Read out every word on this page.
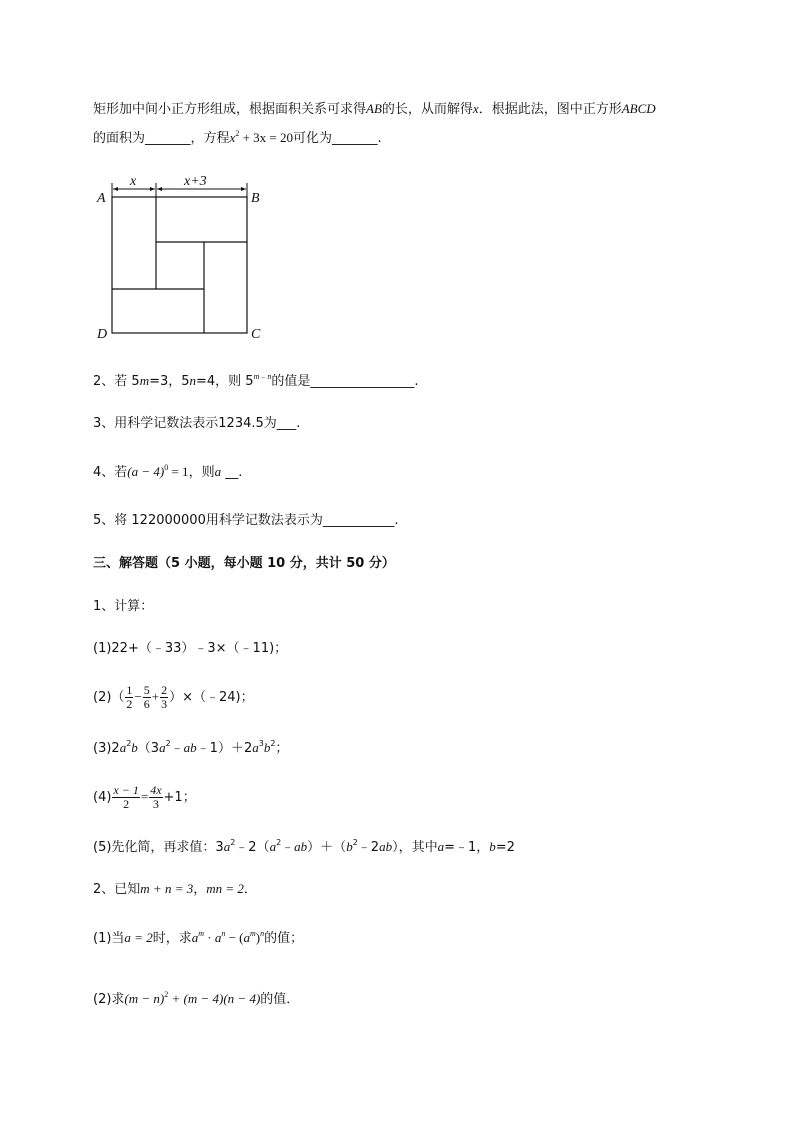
矩形加中间小正方形组成，根据面积关系可求得AB的长，从而解得x．根据此法，图中正方形ABCD
的面积为_______，方程$x^2 + 3x = 20$可化为_______.
x	x+3
A	B
C
D
2、若 5m=3，5n=4，则 $5^{m﹣n}$的值是________________.
3、用科学记数法表示1234.5为___.
4、若$(a - 4)^0 = 1$，则a __.
5、将 122000000用科学记数法表示为___________.
三、解答题（5 小题，每小题 10 分，共计 50 分）
1、计算：
(1)22+（﹣33）﹣3×（﹣11)；
$(2)( \frac{1}{2} - \frac{5}{6} + \frac{2}{3}$ ）×（﹣24)；
$(3)2a^2b(3a^2﹣ab﹣1)+2a^3b^2$；
$(4) \frac{x - 1}{2} = \frac{4x}{3} +1$；
(5)先化简，再求值：$3a^2﹣2(a^2﹣ab)+(b^2﹣2ab)$，其中a=﹣1，b=2
2、已知m + n = 3，mn = 2．
(1)当a = 2时，求$a^m \cdot a^n - (a^m)^n$的值；
(2)求$(m - n)^2 + (m - 4)(n - 4)$的值．
